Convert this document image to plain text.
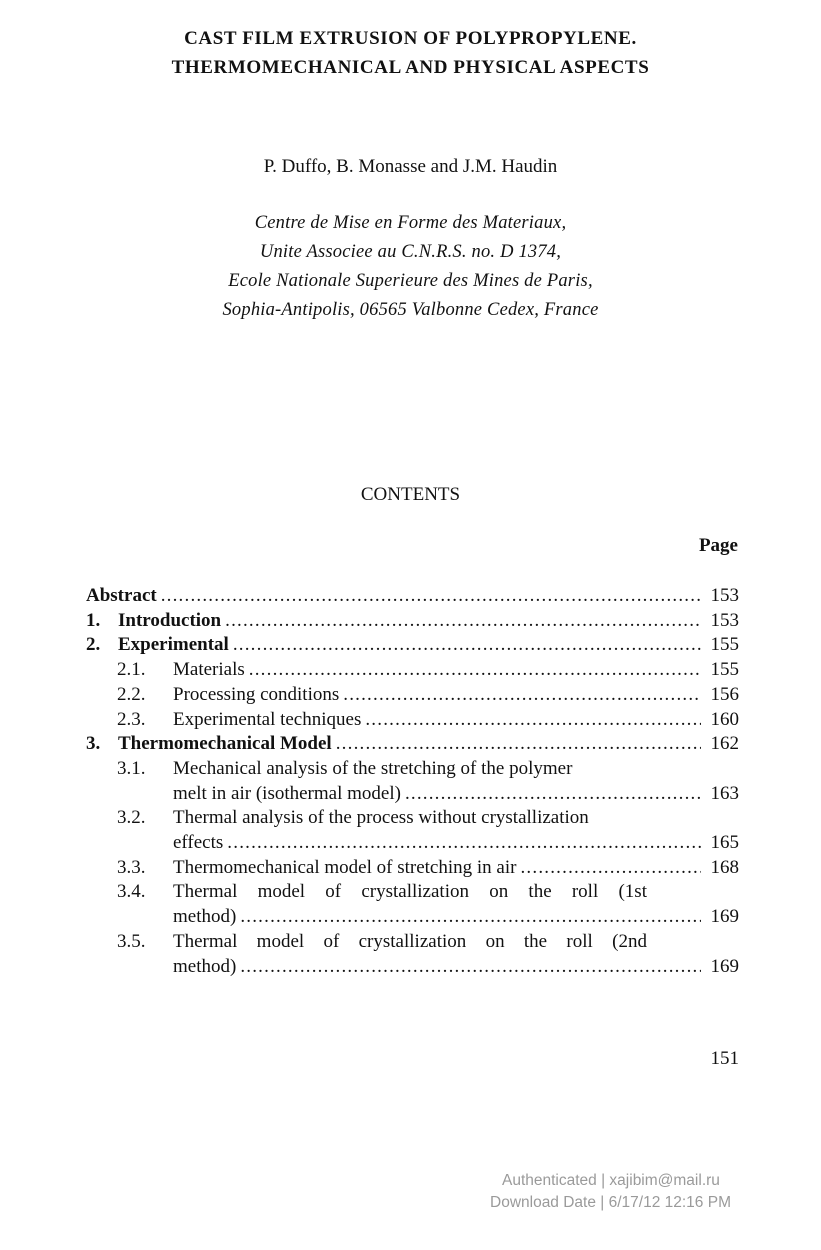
CAST FILM EXTRUSION OF POLYPROPYLENE.
THERMOMECHANICAL AND PHYSICAL ASPECTS
P. Duffo, B. Monasse and J.M. Haudin
Centre de Mise en Forme des Materiaux,
Unite Associee au C.N.R.S. no. D 1374,
Ecole Nationale Superieure des Mines de Paris,
Sophia-Antipolis, 06565 Valbonne Cedex, France
CONTENTS
Page
Abstract .....	153
1. Introduction .....	153
2. Experimental .....	155
2.1.	Materials .....	155
2.2.	Processing conditions .....	156
2.3.	Experimental techniques .....	160
3. Thermomechanical Model .....	162
3.1.	Mechanical analysis of the stretching of the polymer
melt in air (isothermal model) .....	163
3.2.	Thermal analysis of the process without crystallization
effects .....	165
3.3.	Thermomechanical model of stretching in air .....	168
3.4.	Thermal model of crystallization on the roll (1st
method) .....	169
3.5.	Thermal model of crystallization on the roll (2nd
method) .....	169
151
Authenticated | xajibim@mail.ru
Download Date | 6/17/12 12:16 PM
